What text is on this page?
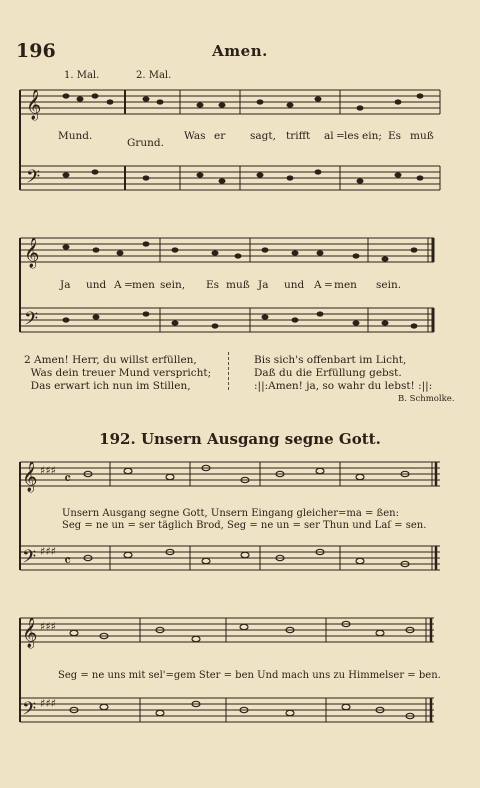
196	Amen.
1. Mal.	2. Mal.
𝄞
𝄢
Mund.
Grund.
Was er sagt, trifft al = les ein; Es muß
𝄞
𝄢
Ja und A = men sein, Es muß Ja und A = men sein.
2 Amen! Herr, du willst erfüllen,
Was dein treuer Mund verspricht;
Das erwart ich nun im Stillen,
Bis sich's offenbart im Licht,
Daß du die Erfüllung gebst.
:||:Amen! ja, so wahr du lebst! :||:
B. Schmolke.
192. Unsern Ausgang segne Gott.
𝄞
𝄢
♯♯♯
♯♯♯
𝄴
𝄴
Unsern Ausgang segne Gott, Unsern Eingang gleicher=ma = ßen:
Seg = ne un = ser täglich Brod, Seg = ne un = ser Thun und Laſ = sen.
𝄞
𝄢
♯♯♯
♯♯♯
Seg = ne uns mit sel'=gem Ster = ben Und mach uns zu Himmelser = ben.
